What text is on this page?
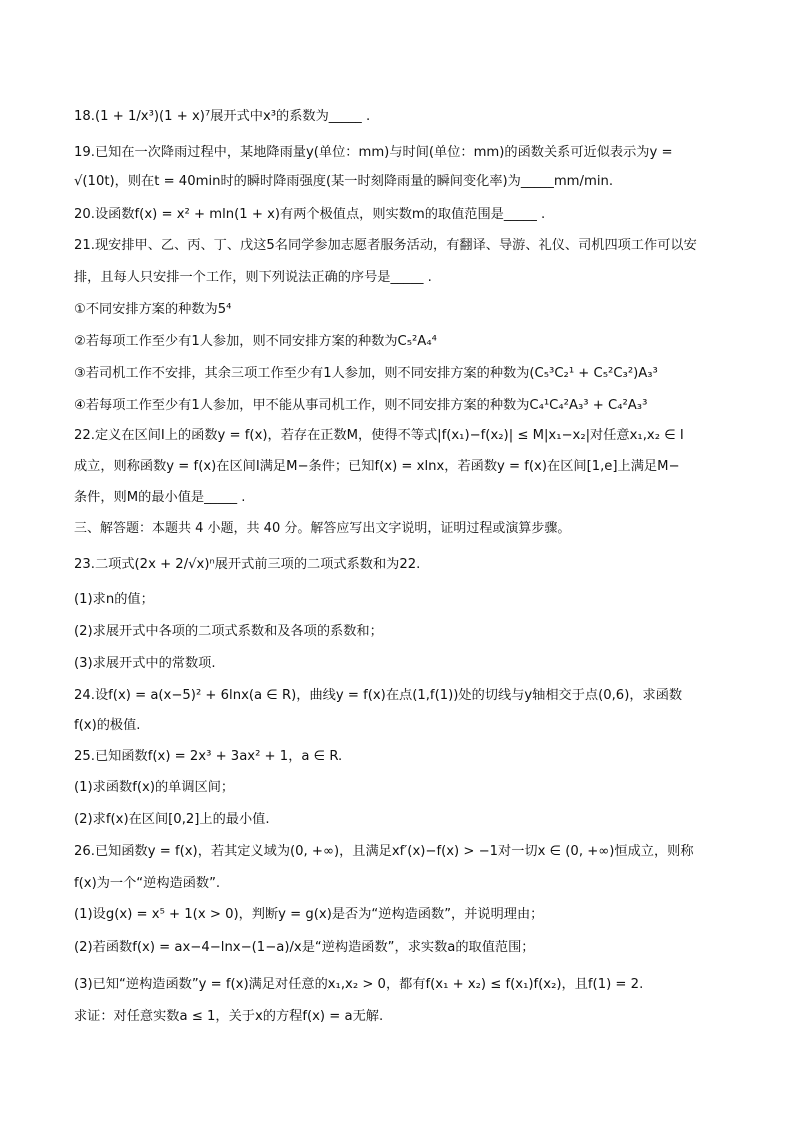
18.(1 + 1/x³)(1 + x)⁷展开式中x³的系数为_____ .
19.已知在一次降雨过程中，某地降雨量y(单位：mm)与时间(单位：mm)的函数关系可近似表示为y =
√(10t)，则在t = 40min时的瞬时降雨强度(某一时刻降雨量的瞬间变化率)为_____mm/min.
20.设函数f(x) = x² + mln(1 + x)有两个极值点，则实数m的取值范围是_____ .
21.现安排甲、乙、丙、丁、戊这5名同学参加志愿者服务活动，有翻译、导游、礼仪、司机四项工作可以安
排，且每人只安排一个工作，则下列说法正确的序号是_____ .
①不同安排方案的种数为5⁴
②若每项工作至少有1人参加，则不同安排方案的种数为C₅²A₄⁴
③若司机工作不安排，其余三项工作至少有1人参加，则不同安排方案的种数为(C₅³C₂¹ + C₅²C₃²)A₃³
④若每项工作至少有1人参加，甲不能从事司机工作，则不同安排方案的种数为C₄¹C₄²A₃³ + C₄²A₃³
22.定义在区间I上的函数y = f(x)，若存在正数M，使得不等式|f(x₁)−f(x₂)| ≤ M|x₁−x₂|对任意x₁,x₂ ∈ I
成立，则称函数y = f(x)在区间I满足M−条件；已知f(x) = xlnx，若函数y = f(x)在区间[1,e]上满足M−
条件，则M的最小值是_____ .
三、解答题：本题共 4 小题，共 40 分。解答应写出文字说明，证明过程或演算步骤。
23.二项式(2x + 2/√x)ⁿ展开式前三项的二项式系数和为22.
(1)求n的值；
(2)求展开式中各项的二项式系数和及各项的系数和；
(3)求展开式中的常数项.
24.设f(x) = a(x−5)² + 6lnx(a ∈ R)，曲线y = f(x)在点(1,f(1))处的切线与y轴相交于点(0,6)，求函数
f(x)的极值.
25.已知函数f(x) = 2x³ + 3ax² + 1，a ∈ R.
(1)求函数f(x)的单调区间；
(2)求f(x)在区间[0,2]上的最小值.
26.已知函数y = f(x)，若其定义域为(0, +∞)，且满足xf′(x)−f(x) > −1对一切x ∈ (0, +∞)恒成立，则称
f(x)为一个“逆构造函数”.
(1)设g(x) = x⁵ + 1(x > 0)，判断y = g(x)是否为“逆构造函数”，并说明理由；
(2)若函数f(x) = ax−4−lnx−(1−a)/x是“逆构造函数”，求实数a的取值范围；
(3)已知“逆构造函数”y = f(x)满足对任意的x₁,x₂ > 0，都有f(x₁ + x₂) ≤ f(x₁)f(x₂)，且f(1) = 2.
求证：对任意实数a ≤ 1，关于x的方程f(x) = a无解.
